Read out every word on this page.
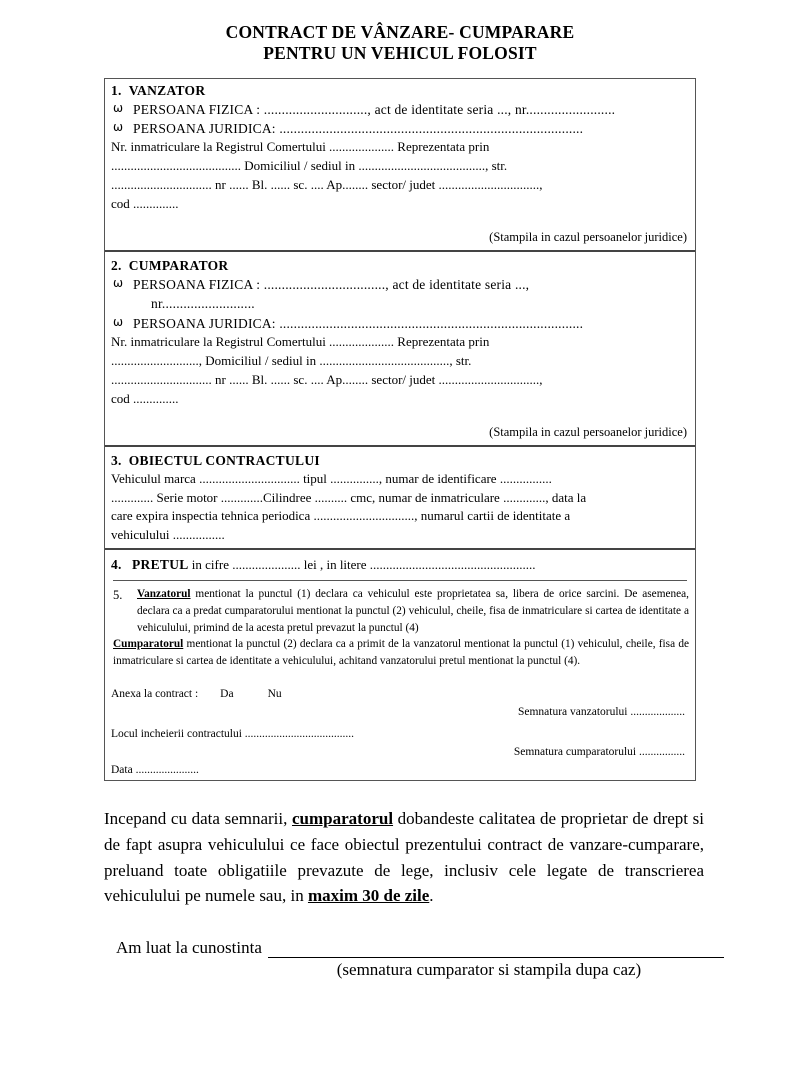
CONTRACT DE VÂNZARE- CUMPARARE
PENTRU UN VEHICUL FOLOSIT
1. VANZATOR
ω PERSOANA FIZICA : ............................., act de identitate seria ..., nr.........................
ω PERSOANA JURIDICA: .....................................................................................
Nr. inmatriculare la Registrul Comertului .................... Reprezentata prin
........................................ Domiciliul / sediul in ......................................., str.
............................... nr ...... Bl. ...... sc. .... Ap........ sector/ judet ...............................,
cod ..............
(Stampila in cazul persoanelor juridice)
2. CUMPARATOR
ω PERSOANA FIZICA : .................................., act de identitate seria ...,
nr..........................
ω PERSOANA JURIDICA: .....................................................................................
Nr. inmatriculare la Registrul Comertului .................... Reprezentata prin
..........................., Domiciliul / sediul in ........................................, str.
............................... nr ...... Bl. ...... sc. .... Ap........ sector/ judet ...............................,
cod ..............
(Stampila in cazul persoanelor juridice)
3. OBIECTUL CONTRACTULUI
Vehiculul marca ............................... tipul ..............., numar de identificare ................
............. Serie motor .............Cilindree .......... cmc, numar de inmatriculare ............., data la
care expira inspectia tehnica periodica ..............................., numarul cartii de identitate a
vehiculului ................
4. PRETUL in cifre ..................... lei , in litere ...................................................
5. Vanzatorul mentionat la punctul (1) declara ca vehiculul este proprietatea sa, libera de orice sarcini. De asemenea, declara ca a predat cumparatorului mentionat la punctul (2) vehiculul, cheile, fisa de inmatriculare si cartea de identitate a vehiculului, primind de la acesta pretul prevazut la punctul (4)
Cumparatorul mentionat la punctul (2) declara ca a primit de la vanzatorul mentionat la punctul (1) vehiculul, cheile, fisa de inmatriculare si cartea de identitate a vehiculului, achitand vanzatorului pretul mentionat la punctul (4).
Anexa la contract : Da	Nu
Semnatura vanzatorului ...................
Locul incheierii contractului ......................................
Semnatura cumparatorului ................
Data ......................
Incepand cu data semnarii, cumparatorul dobandeste calitatea de proprietar de drept si de fapt asupra vehiculului ce face obiectul prezentului contract de vanzare-cumparare, preluand toate obligatiile prevazute de lege, inclusiv cele legate de transcrierea vehiculului pe numele sau, in maxim 30 de zile.
Am luat la cunostinta
(semnatura cumparator si stampila dupa caz)
